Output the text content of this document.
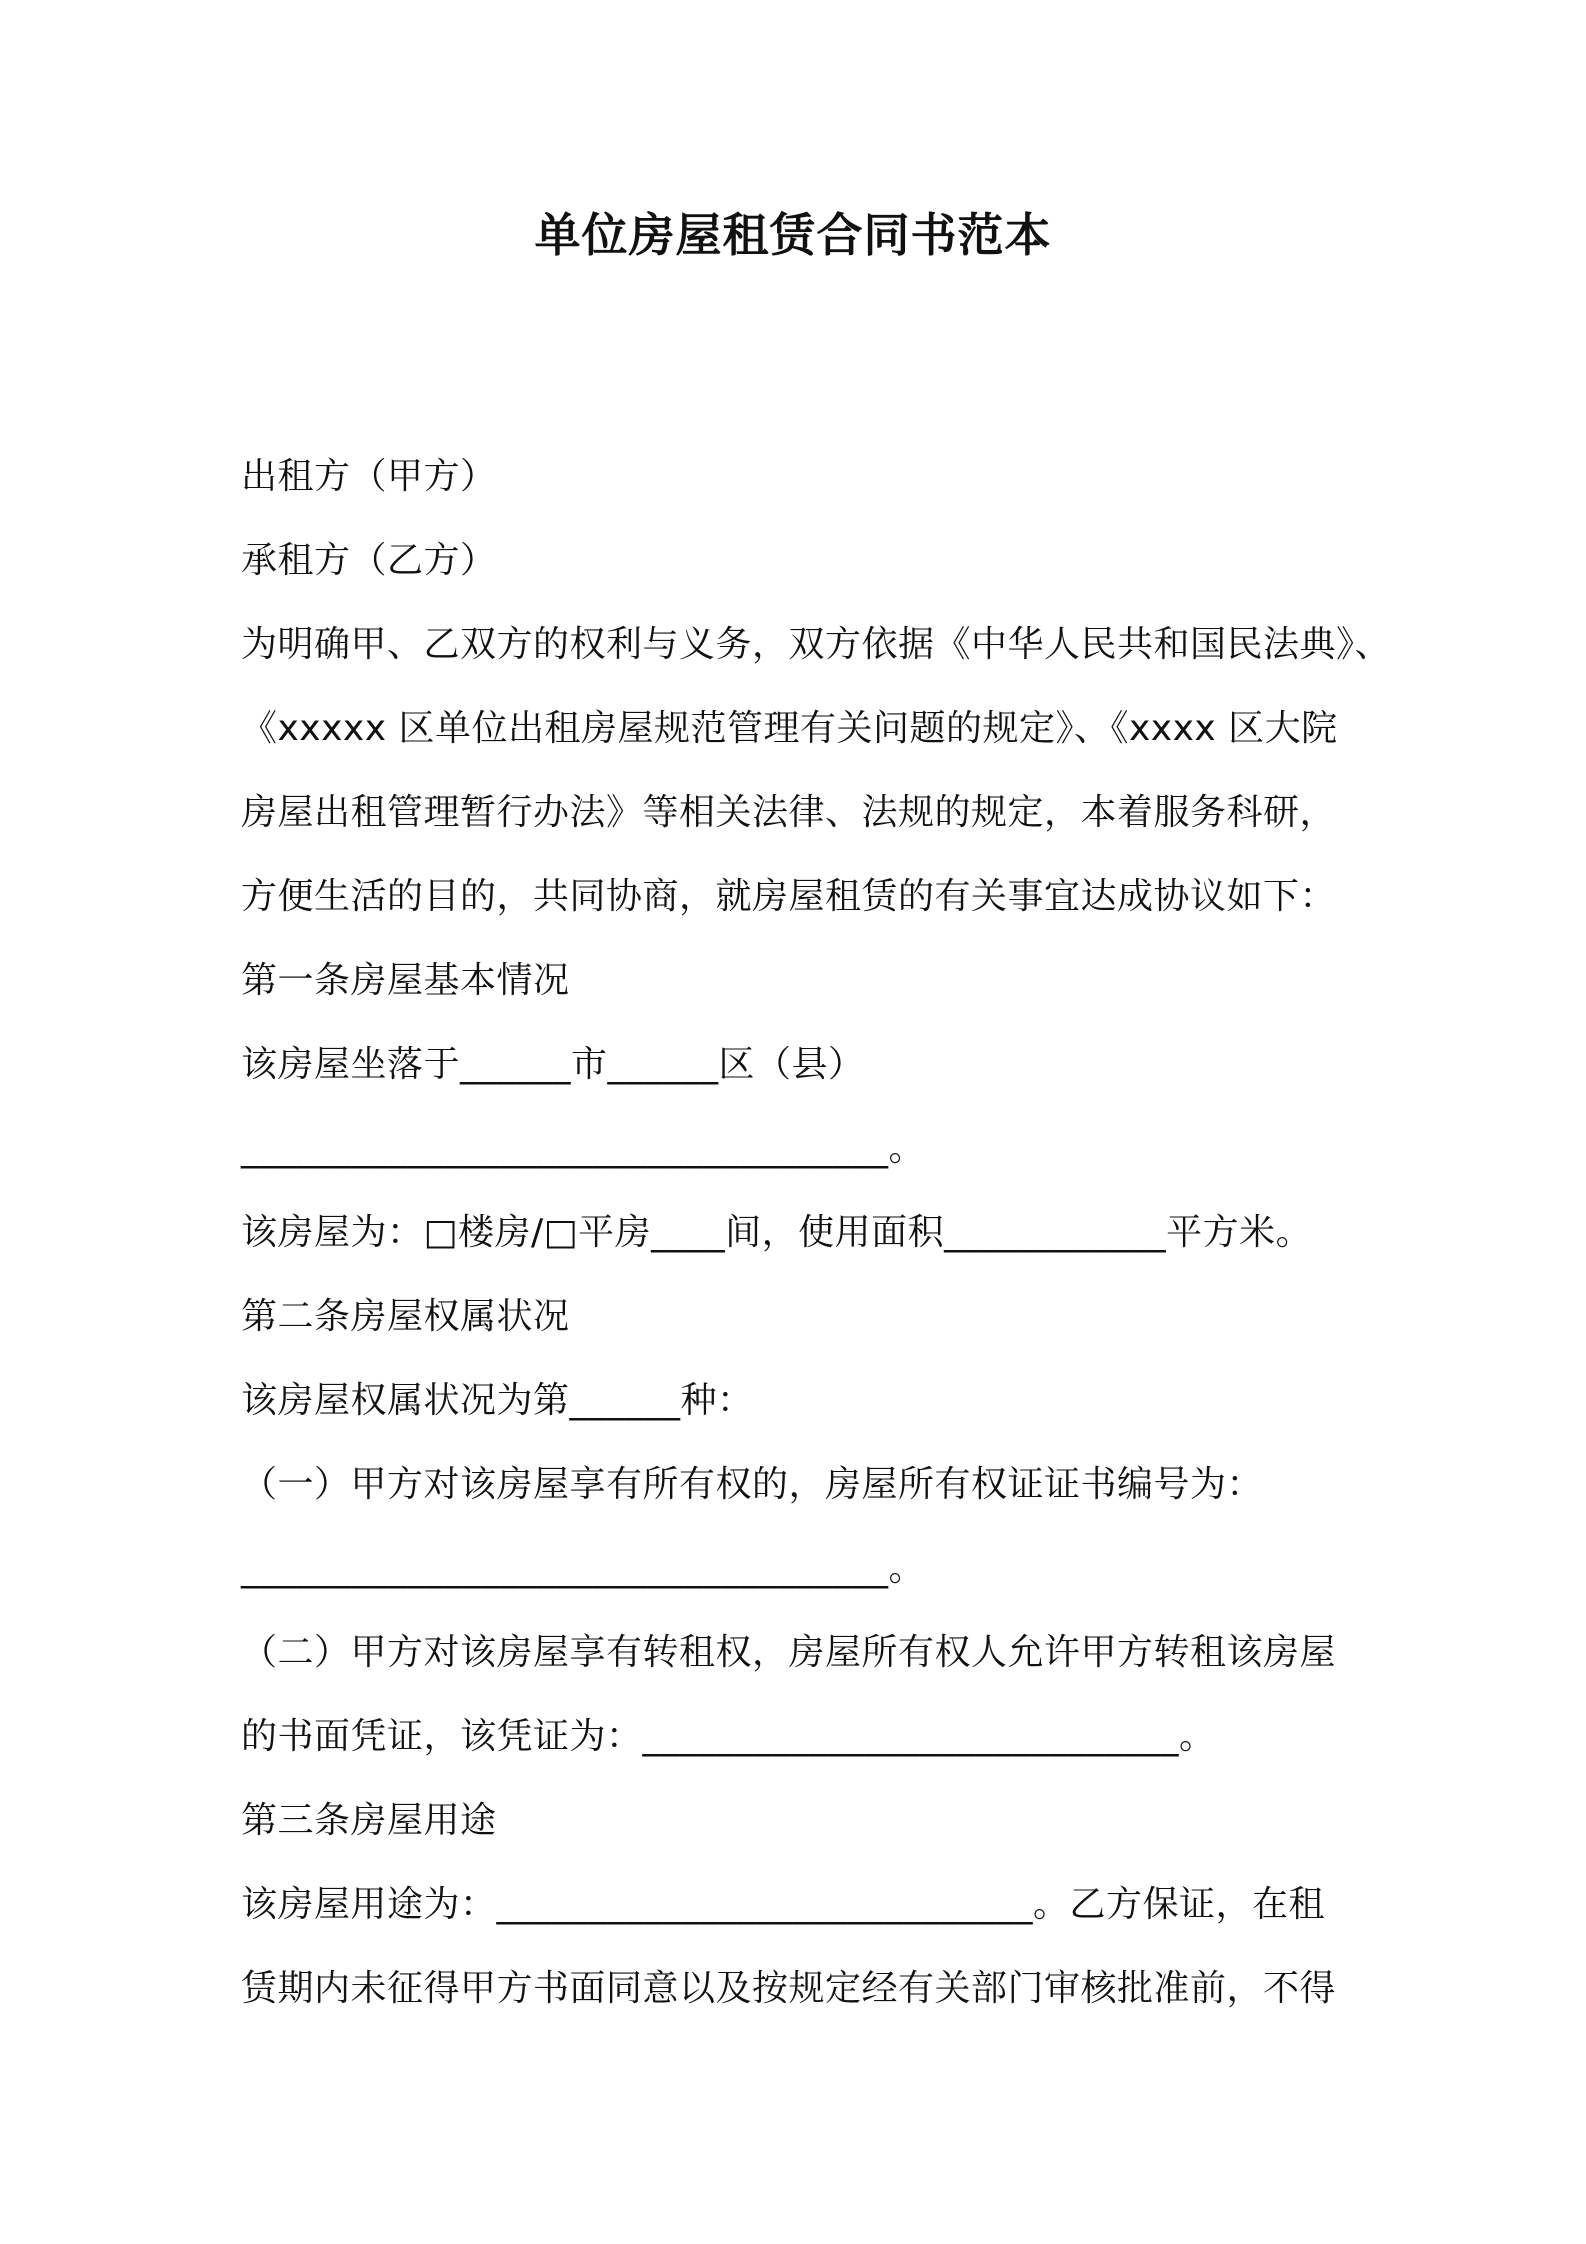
单位房屋租赁合同书范本
出租方（甲方）
承租方（乙方）
为明确甲、乙双方的权利与义务，双方依据《中华人民共和国民法典》、
《xxxxx 区单位出租房屋规范管理有关问题的规定》、《xxxx 区大院
房屋出租管理暂行办法》等相关法律、法规的规定，本着服务科研，
方便生活的目的，共同协商，就房屋租赁的有关事宜达成协议如下：
第一条房屋基本情况
该房屋坐落于______市______区（县）
___________________________________。
该房屋为：□楼房/□平房____间，使用面积____________平方米。
第二条房屋权属状况
该房屋权属状况为第______种：
（一）甲方对该房屋享有所有权的，房屋所有权证证书编号为：
___________________________________。
（二）甲方对该房屋享有转租权，房屋所有权人允许甲方转租该房屋
的书面凭证，该凭证为：_____________________________。
第三条房屋用途
该房屋用途为：_____________________________。乙方保证，在租
赁期内未征得甲方书面同意以及按规定经有关部门审核批准前，不得
